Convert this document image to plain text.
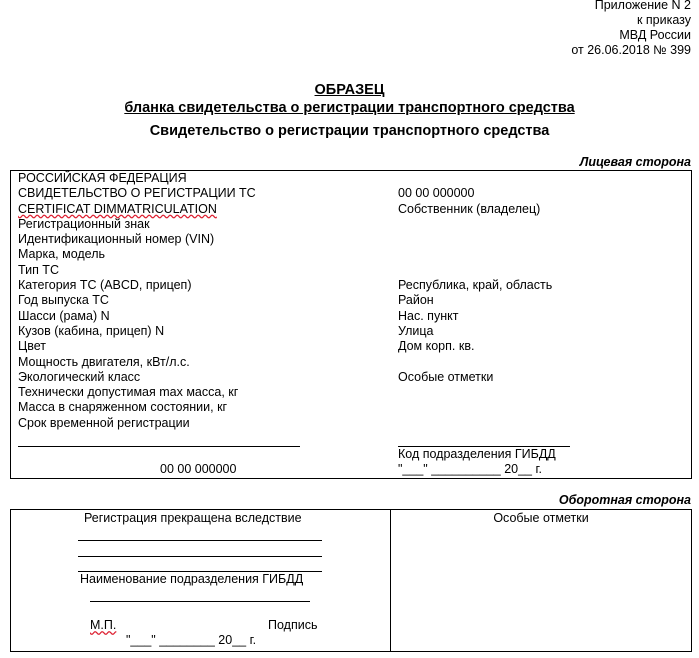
Приложение N 2
к приказу
МВД России
от 26.06.2018 № 399
ОБРАЗЕЦ
бланка свидетельства о регистрации транспортного средства
Свидетельство о регистрации транспортного средства
Лицевая сторона
РОССИЙСКАЯ ФЕДЕРАЦИЯ
СВИДЕТЕЛЬСТВО О РЕГИСТРАЦИИ ТС
CERTIFICAT DIMMATRICULATION
Регистрационный знак
Идентификационный номер (VIN)
Марка, модель
Тип ТС
Категория ТС (ABCD, прицеп)
Год выпуска ТС
Шасси (рама) N
Кузов (кабина, прицеп) N
Цвет
Мощность двигателя, кВт/л.с.
Экологический класс
Технически допустимая max масса, кг
Масса в снаряженном состоянии, кг
Срок временной регистрации
00 00 000000
Собственник (владелец)
Республика, край, область
Район
Нас. пункт
Улица
Дом корп. кв.
Особые отметки
Код подразделения ГИБДД
00 00 000000	"___" __________ 20__ г.
Оборотная сторона
Регистрация прекращена вследствие	Особые отметки
Наименование подразделения ГИБДД
М.П.	Подпись
"___" ________ 20__ г.
